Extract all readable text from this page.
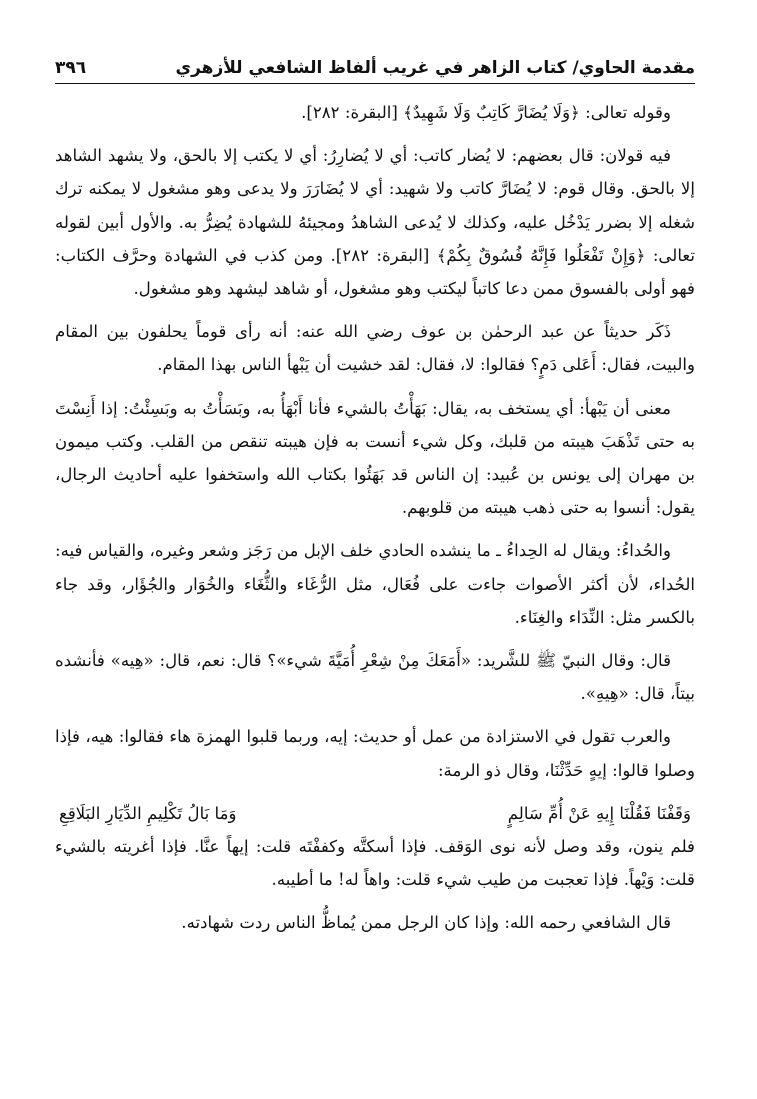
مقدمة الحاوي/ كتاب الزاهر في غريب ألفاظ الشافعي للأزهري
٣٩٦

وقوله تعالى: ﴿وَلَا يُضَارَّ كَاتِبٌ وَلَا شَهِيدٌ﴾ [البقرة: ٢٨٢].

فيه قولان: قال بعضهم: لا يُضار كاتب: أي لا يُضارِرُ: أي لا يكتب إلا بالحق، ولا يشهد الشاهد إلا بالحق. وقال قوم: لا يُضَارَّ كاتب ولا شهيد: أي لا يُضَارَرَ ولا يدعى وهو مشغول لا يمكنه ترك شغله إلا بضرر يَدْخُل عليه، وكذلك لا يُدعى الشاهدُ ومجيئهُ للشهادة يُضِرُّ به. والأول أبين لقوله تعالى: ﴿وَإِنْ تَفْعَلُوا فَإِنَّهُ فُسُوقٌ بِكُمْ﴾ [البقرة: ٢٨٢]. ومن كذب في الشهادة وحرَّف الكتاب: فهو أولى بالفسوق ممن دعا كاتباً ليكتب وهو مشغول، أو شاهد ليشهد وهو مشغول.

ذَكَر حديثاً عن عبد الرحمٰن بن عوف رضي الله عنه: أنه رأى قوماً يحلفون بين المقام والبيت، فقال: أَعَلى دَمٍ؟ فقالوا: لا، فقال: لقد خشيت أن يَبْهأ الناس بهذا المقام.

معنى أن يَبْهأ: أي يستخف به، يقال: بَهَأْتُ بالشيء فأنا أَبْهَأُ به، وبَسَأْتُ به وبَسِئْتُ: إذا أَنِسْتَ به حتى تَذْهَبَ هيبته من قلبك، وكل شيء أنست به فإن هيبته تنقص من القلب. وكتب ميمون بن مهران إلى يونس بن عُبيد: إن الناس قد بَهَئُوا بكتاب الله واستخفوا عليه أحاديث الرجال، يقول: أنسوا به حتى ذهب هيبته من قلوبهم.

والحُداءُ: ويقال له الحِداءُ ـ ما ينشده الحادي خلف الإبل من رَجَز وشعر وغيره، والقياس فيه: الحُداء، لأن أكثر الأصوات جاءت على فُعَال، مثل الرُّغَاء والثُّغَاء والخُوَار والجُؤَار، وقد جاء بالكسر مثل: النِّدَاء والغِنَاء.

قال: وقال النبيّ ﷺ للشَّريد: «أَمَعَكَ مِنْ شِعْرِ أُمَيَّةَ شيء»؟ قال: نعم، قال: «هِيه» فأنشده بيتاً، قال: «هِيهِ».

والعرب تقول في الاستزادة من عمل أو حديث: إيه، وربما قلبوا الهمزة هاء فقالوا: هيه، فإذا وصلوا قالوا: إيهٍ حَدِّثْنَا، وقال ذو الرمة:

وَقَفْنَا فَقُلْنَا إِيهِ عَنْ أُمِّ سَالِمٍ
وَمَا بَالُ تَكْلِيمِ الدِّيَارِ البَلَاقِعِ

فلم ينون، وقد وصل لأنه نوى الوَقف. فإذا أسكتَّه وكففْتَه قلت: إيهاً عنَّا. فإذا أغريته بالشيء قلت: وَيْهاً. فإذا تعجبت من طيب شيء قلت: واهاً له! ما أطيبه.

قال الشافعي رحمه الله: وإذا كان الرجل ممن يُماظُّ الناس ردت شهادته.
